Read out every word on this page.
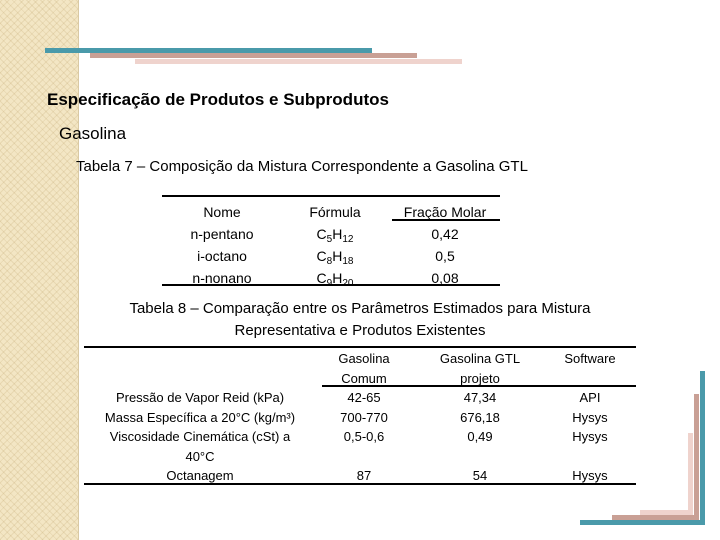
Especificação de Produtos e Subprodutos
Gasolina
Tabela 7 – Composição da Mistura Correspondente a Gasolina GTL
Nome
n-pentano
i-octano
n-nonano
Fórmula
$C_5H_{12}$
$C_8H_{18}$
$C_9H_{20}$
Fração Molar
0,42
0,5
0,08
Tabela 8 – Comparação entre os Parâmetros Estimados para Mistura
Representativa e Produtos Existentes
Gasolina
Comum
Gasolina GTL
projeto
Software
Pressão de Vapor Reid (kPa)
Massa Específica a 20°C (kg/m³)
Viscosidade Cinemática (cSt) a
40°C
Octanagem
42-65
700-770
0,5-0,6

87
47,34
676,18
0,49

54
API
Hysys
Hysys

Hysys
